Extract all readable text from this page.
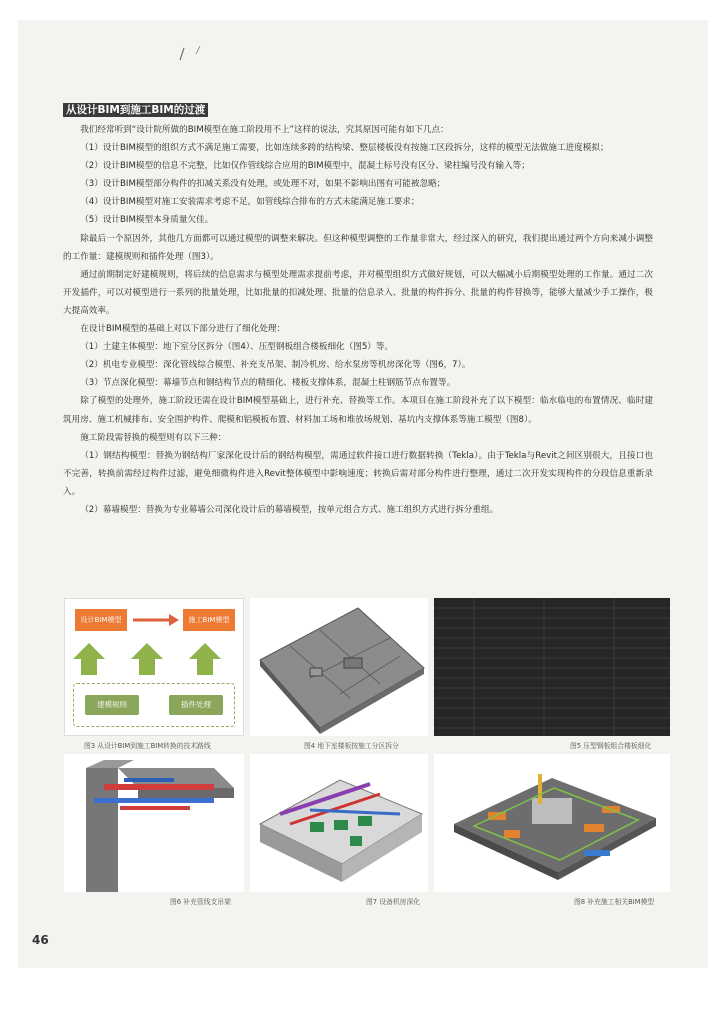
从设计BIM到施工BIM的过渡

我们经常听到“设计院所做的BIM模型在施工阶段用不上”这样的说法，究其原因可能有如下几点：

（1）设计BIM模型的组织方式不满足施工需要，比如连续多跨的结构梁、整层楼板没有按施工区段拆分，这样的模型无法做施工进度模拟；

（2）设计BIM模型的信息不完整，比如仅作管线综合应用的BIM模型中，混凝土标号没有区分、梁柱编号没有输入等；

（3）设计BIM模型部分构件的扣减关系没有处理，或处理不对，如果不影响出图有可能被忽略；

（4）设计BIM模型对施工安装需求考虑不足，如管线综合排布的方式未能满足施工要求；

（5）设计BIM模型本身质量欠佳。

除最后一个原因外，其他几方面都可以通过模型的调整来解决。但这种模型调整的工作量非常大，经过深入的研究，我们提出通过两个方向来减小调整的工作量：建模规则和插件处理（图3）。

通过前期制定好建模规则，将后续的信息需求与模型处理需求提前考虑，并对模型组织方式做好规划，可以大幅减小后期模型处理的工作量。通过二次开发插件，可以对模型进行一系列的批量处理，比如批量的扣减处理、批量的信息录入、批量的构件拆分、批量的构件替换等，能够大量减少手工操作，极大提高效率。

在设计BIM模型的基础上对以下部分进行了细化处理：

（1）土建主体模型：地下室分区拆分（图4）、压型钢板组合楼板细化（图5）等。

（2）机电专业模型：深化管线综合模型、补充支吊架、制冷机房、给水泵房等机房深化等（图6，7）。

（3）节点深化模型：幕墙节点和钢结构节点的精细化、楼板支撑体系，混凝土柱钢筋节点布置等。

除了模型的处理外，施工阶段还需在设计BIM模型基础上，进行补充、替换等工作。本项目在施工阶段补充了以下模型：临水临电的布置情况、临时建筑用房、施工机械排布、安全围护构件、爬模和铝模板布置、材料加工场和堆放场规划、基坑内支撑体系等施工模型（图8）。

施工阶段需替换的模型则有以下三种：

（1）钢结构模型：替换为钢结构厂家深化设计后的钢结构模型，需通过软件接口进行数据转换（Tekla）。由于Tekla与Revit之间区别很大，且接口也不完善，转换前需经过构件过滤，避免细微构件进入Revit整体模型中影响速度；转换后需对部分构件进行整理，通过二次开发实现构件的分段信息重新录入。

（2）幕墙模型：替换为专业幕墙公司深化设计后的幕墙模型，按单元组合方式、施工组织方式进行拆分重组。

设计BIM模型	施工BIM模型
建模规则	插件处理
图3 从设计BIM到施工BIM转换的技术路线	图4 地下室楼板按施工分区拆分	图5 压型钢板组合楼板细化
图6 补充管线支吊架	图7 设备机房深化	图8 补充施工相关BIM模型
46
